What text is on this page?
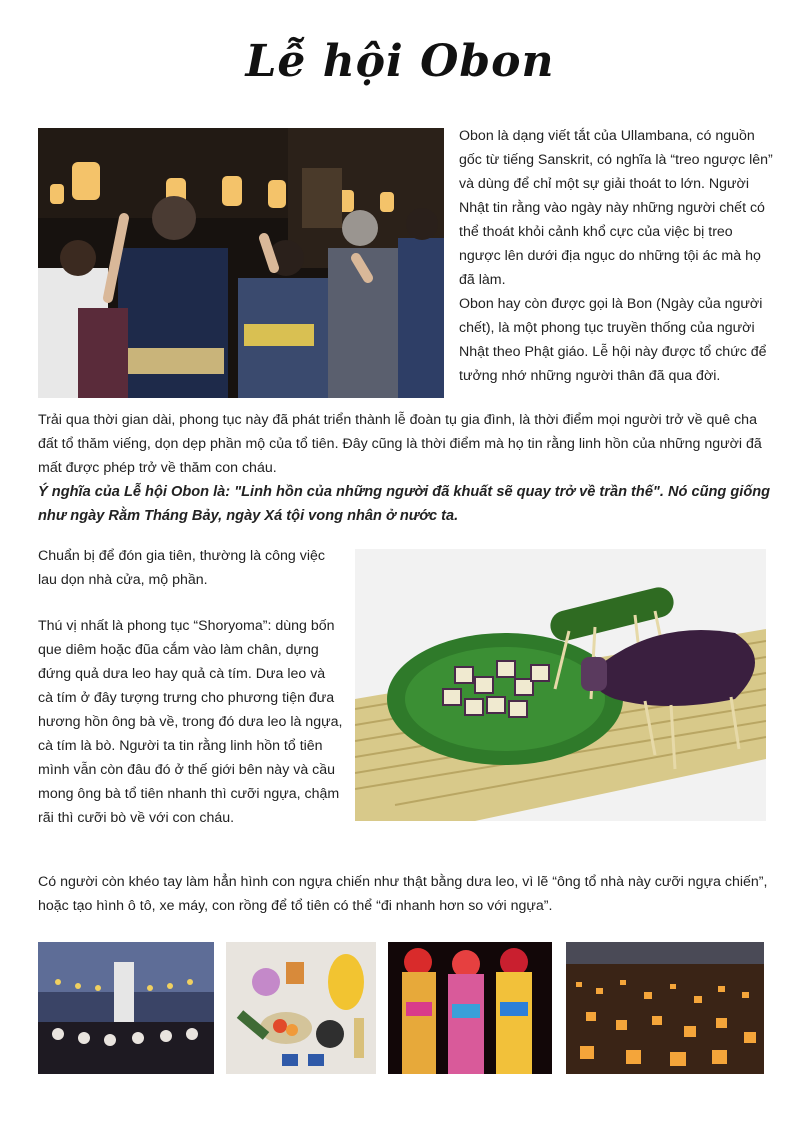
Lễ hội Obon

Obon là dạng viết tắt của Ullambana, có nguồn gốc từ tiếng Sanskrit, có nghĩa là “treo ngược lên” và dùng để chỉ một sự giải thoát to lớn. Người Nhật tin rằng vào ngày này những người chết có thể thoát khỏi cảnh khổ cực của việc bị treo ngược lên dưới địa ngục do những tội ác mà họ đã làm.

Obon hay còn được gọi là Bon (Ngày của người chết), là một phong tục truyền thống của người Nhật theo Phật giáo. Lễ hội này được tổ chức để tưởng nhớ những người thân đã qua đời.

Trải qua thời gian dài, phong tục này đã phát triển thành lễ đoàn tụ gia đình, là thời điểm mọi người trở về quê cha đất tổ thăm viếng, dọn dẹp phần mộ của tổ tiên. Đây cũng là thời điểm mà họ tin rằng linh hồn của những người đã mất được phép trở về thăm con cháu.

Ý nghĩa của Lễ hội Obon là: "Linh hồn của những người đã khuất sẽ quay trở về trần thế". Nó cũng giống như ngày Rằm Tháng Bảy, ngày Xá tội vong nhân ở nước ta.

Chuẩn bị để đón gia tiên, thường là công việc lau dọn nhà cửa, mộ phần.

Thú vị nhất là phong tục “Shoryoma”: dùng bốn que diêm hoặc đũa cắm vào làm chân, dựng đứng quả dưa leo hay quả cà tím. Dưa leo và cà tím ở đây tượng trưng cho phương tiện đưa hương hồn ông bà về, trong đó dưa leo là ngựa, cà tím là bò. Người ta tin rằng linh hồn tổ tiên mình vẫn còn đâu đó ở thế giới bên này và cầu mong ông bà tổ tiên nhanh thì cưỡi ngựa, chậm rãi thì cưỡi bò về với con cháu.

Có người còn khéo tay làm hẳn hình con ngựa chiến như thật bằng dưa leo, vì lẽ “ông tổ nhà này cưỡi ngựa chiến”, hoặc tạo hình ô tô, xe máy, con rồng để tổ tiên có thể “đi nhanh hơn so với ngựa”.
